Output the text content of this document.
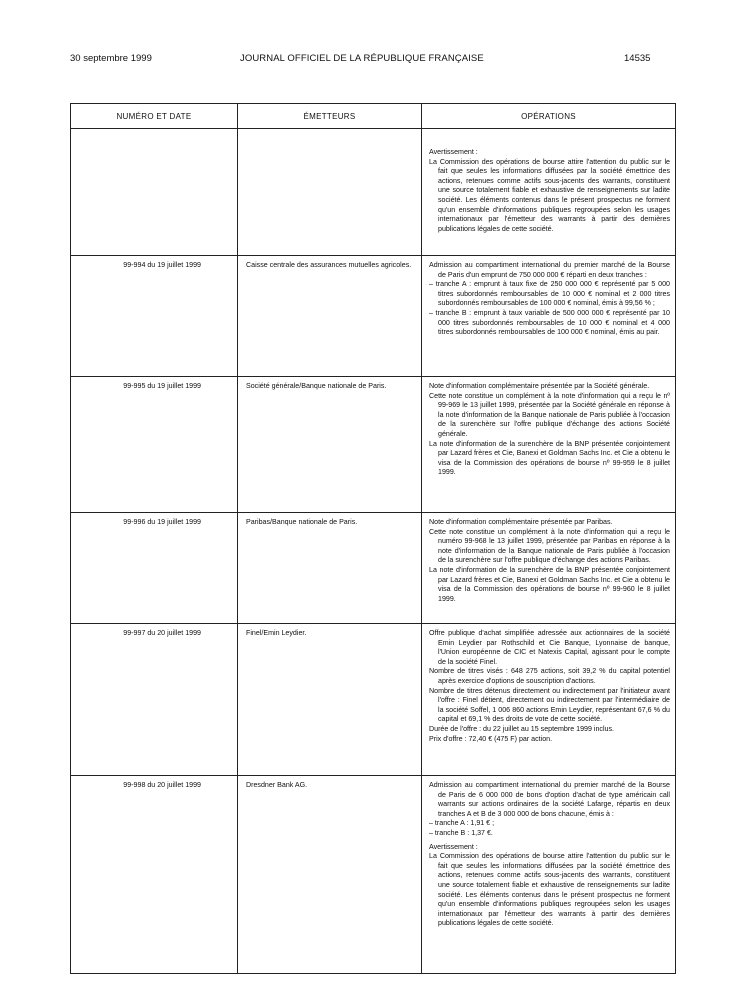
30 septembre 1999	JOURNAL OFFICIEL DE LA RÉPUBLIQUE FRANÇAISE	14535
NUMÉRO ET DATE	ÉMETTEURS	OPÉRATIONS

		Avertissement :

La Commission des opérations de bourse attire l'attention du public sur le fait que seules les informations diffusées par la société émettrice des actions, retenues comme actifs sous-jacents des warrants, constituent une source totalement fiable et exhaustive de renseignements sur ladite société. Les éléments contenus dans le présent prospectus ne forment qu'un ensemble d'informations publiques regroupées selon les usages internationaux par l'émetteur des warrants à partir des dernières publications légales de cette société.

99-994 du 19 juillet 1999	Caisse centrale des assurances mutuelles agricoles.	Admission au compartiment international du premier marché de la Bourse de Paris d'un emprunt de 750 000 000 € réparti en deux tranches :

– tranche A : emprunt à taux fixe de 250 000 000 € représenté par 5 000 titres subordonnés remboursables de 10 000 € nominal et 2 000 titres subordonnés remboursables de 100 000 € nominal, émis à 99,56 % ;

– tranche B : emprunt à taux variable de 500 000 000 € représenté par 10 000 titres subordonnés remboursables de 10 000 € nominal et 4 000 titres subordonnés remboursables de 100 000 € nominal, émis au pair.

99-995 du 19 juillet 1999	Société générale/Banque nationale de Paris.	Note d'information complémentaire présentée par la Société générale.

Cette note constitue un complément à la note d'information qui a reçu le nº 99-969 le 13 juillet 1999, présentée par la Société générale en réponse à la note d'information de la Banque nationale de Paris publiée à l'occasion de la surenchère sur l'offre publique d'échange des actions Société générale.

La note d'information de la surenchère de la BNP présentée conjointement par Lazard frères et Cie, Banexi et Goldman Sachs Inc. et Cie a obtenu le visa de la Commission des opérations de bourse nº 99-959 le 8 juillet 1999.

99-996 du 19 juillet 1999	Paribas/Banque nationale de Paris.	Note d'information complémentaire présentée par Paribas.

Cette note constitue un complément à la note d'information qui a reçu le numéro 99-968 le 13 juillet 1999, présentée par Paribas en réponse à la note d'information de la Banque nationale de Paris publiée à l'occasion de la surenchère sur l'offre publique d'échange des actions Paribas.

La note d'information de la surenchère de la BNP présentée conjointement par Lazard frères et Cie, Banexi et Goldman Sachs Inc. et Cie a obtenu le visa de la Commission des opérations de bourse nº 99-960 le 8 juillet 1999.

99-997 du 20 juillet 1999	Finel/Emin Leydier.	Offre publique d'achat simplifiée adressée aux actionnaires de la société Emin Leydier par Rothschild et Cie Banque, Lyonnaise de banque, l'Union européenne de CIC et Natexis Capital, agissant pour le compte de la société Finel.

Nombre de titres visés : 648 275 actions, soit 39,2 % du capital potentiel après exercice d'options de souscription d'actions.

Nombre de titres détenus directement ou indirectement par l'initiateur avant l'offre : Finel détient, directement ou indirectement par l'intermédiaire de la société Soffel, 1 006 860 actions Emin Leydier, représentant 67,6 % du capital et 69,1 % des droits de vote de cette société.

Durée de l'offre : du 22 juillet au 15 septembre 1999 inclus.

Prix d'offre : 72,40 € (475 F) par action.

99-998 du 20 juillet 1999	Dresdner Bank AG.	Admission au compartiment international du premier marché de la Bourse de Paris de 6 000 000 de bons d'option d'achat de type américain call warrants sur actions ordinaires de la société Lafarge, répartis en deux tranches A et B de 3 000 000 de bons chacune, émis à :

– tranche A : 1,91 € ;

– tranche B : 1,37 €.

Avertissement :

La Commission des opérations de bourse attire l'attention du public sur le fait que seules les informations diffusées par la société émettrice des actions, retenues comme actifs sous-jacents des warrants, constituent une source totalement fiable et exhaustive de renseignements sur ladite société. Les éléments contenus dans le présent prospectus ne forment qu'un ensemble d'informations publiques regroupées selon les usages internationaux par l'émetteur des warrants à partir des dernières publications légales de cette société.
